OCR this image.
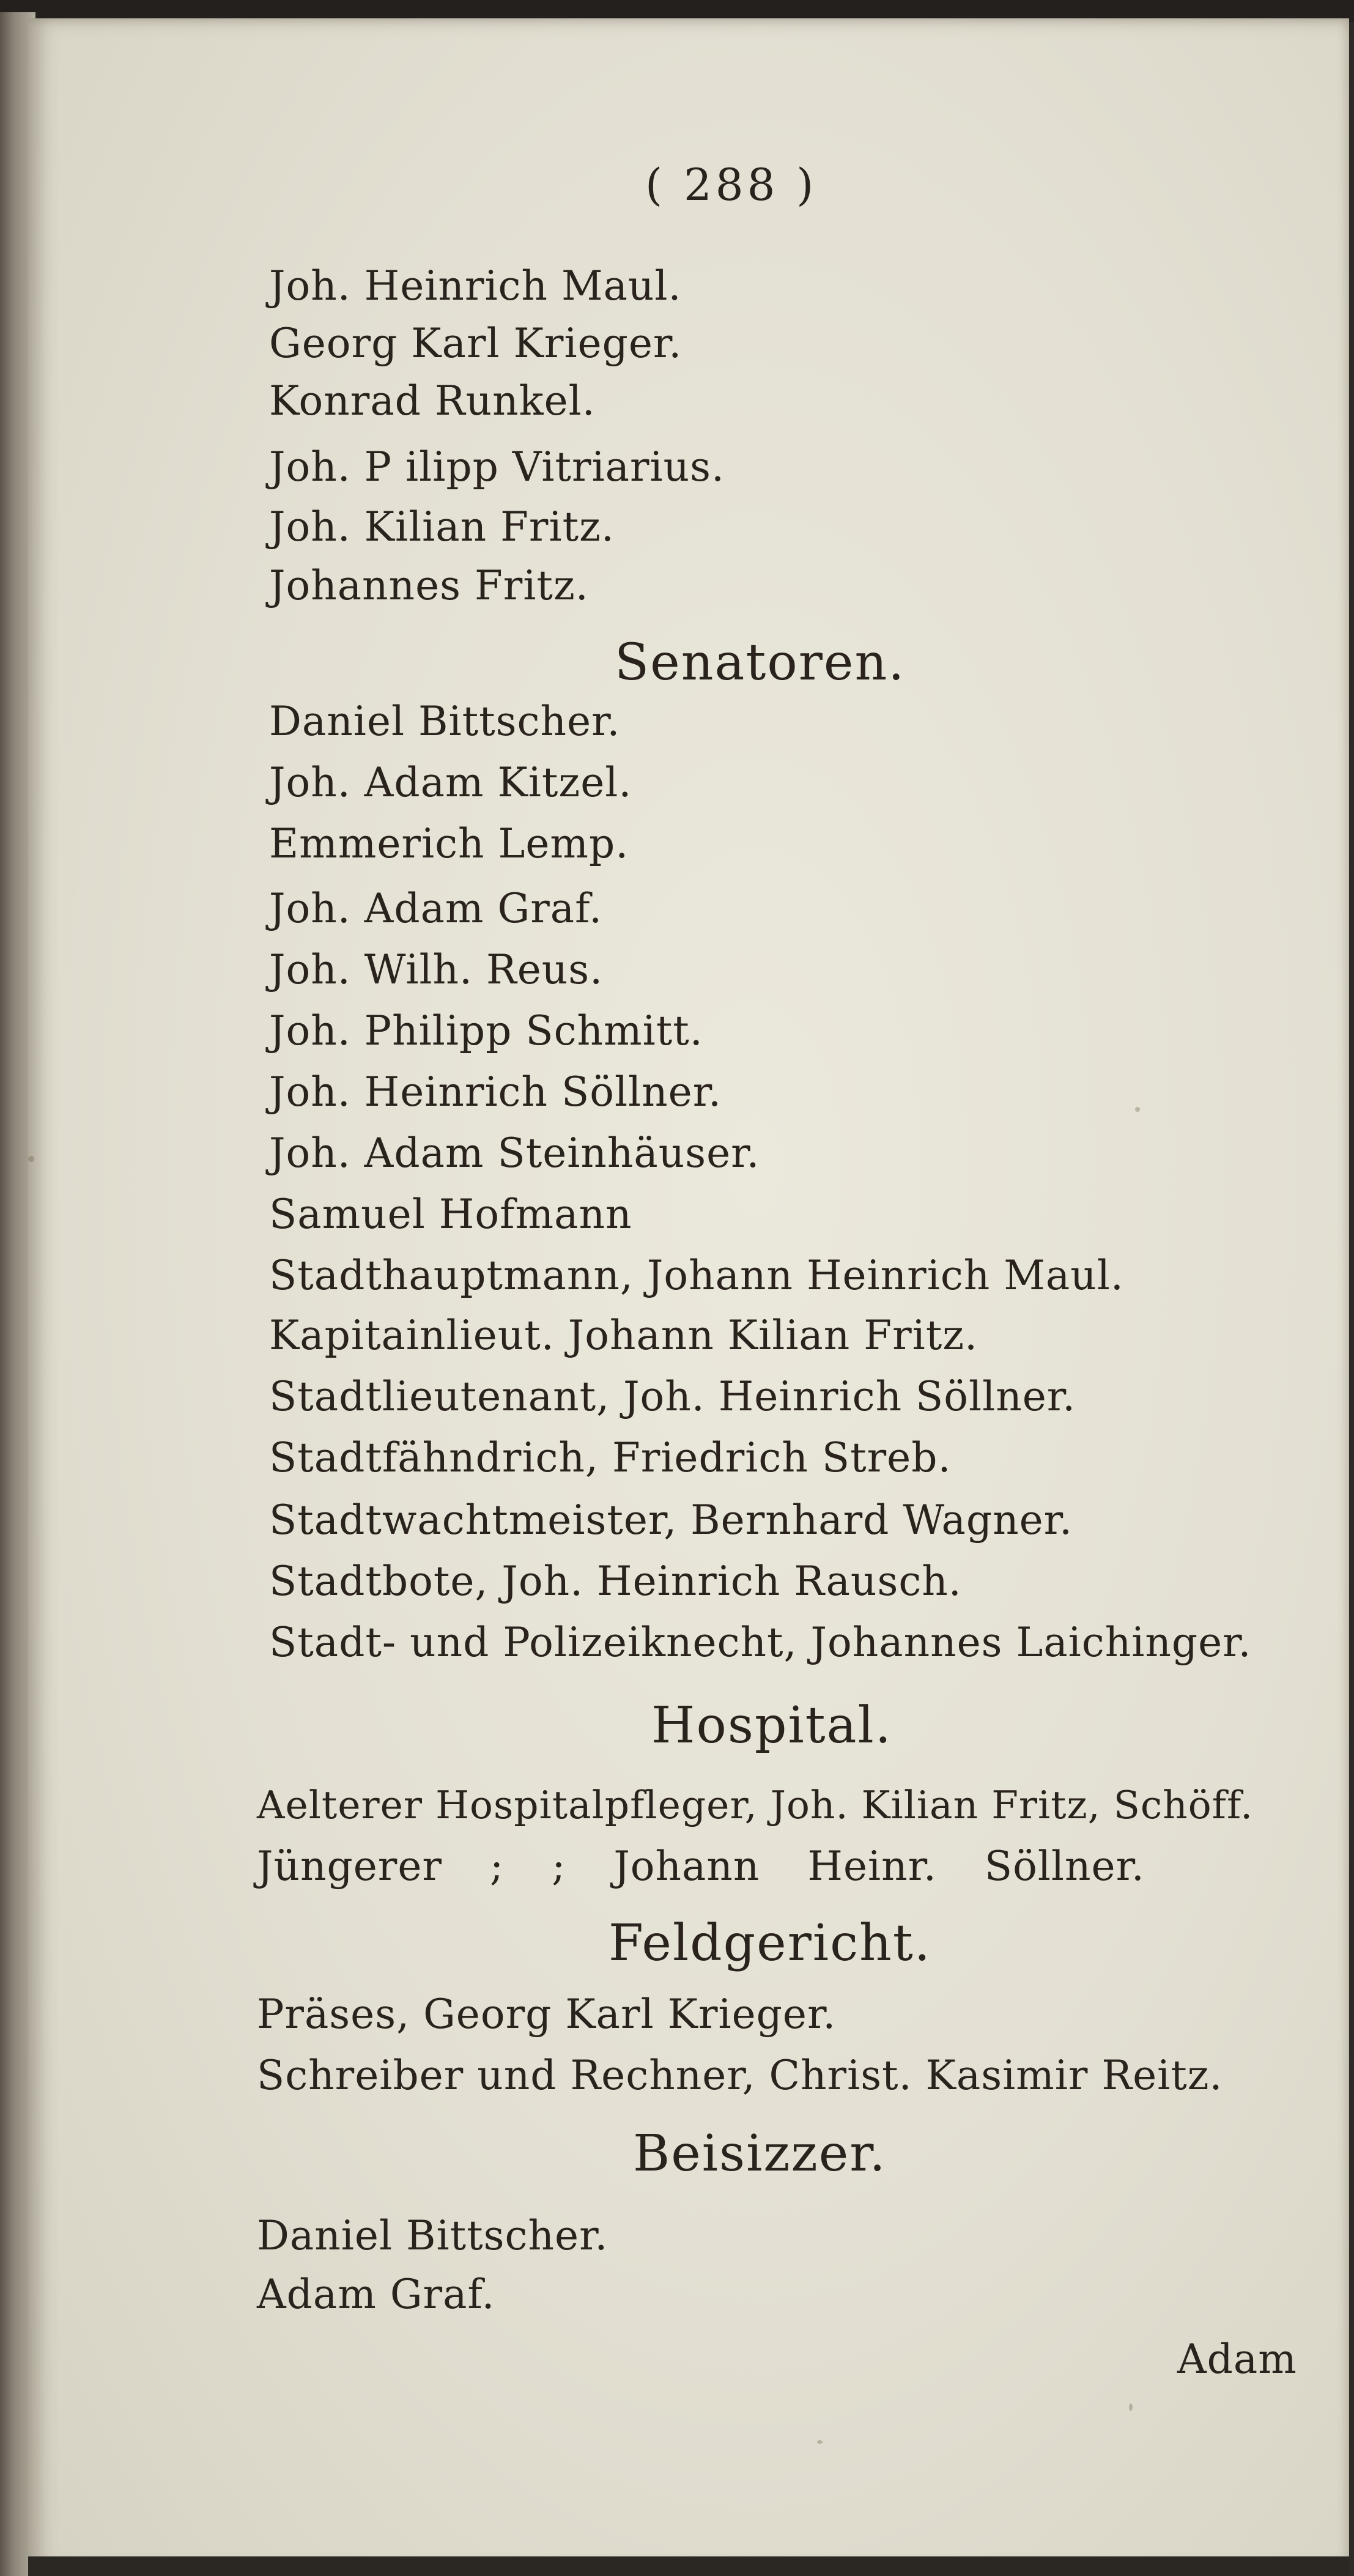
( 288 )

Joh. Heinrich Maul.

Georg Karl Krieger.

Konrad Runkel.

Joh. P ilipp Vitriarius.

Joh. Kilian Fritz.

Johannes Fritz.

Senatoren.

Daniel Bittscher.

Joh. Adam Kitzel.

Emmerich Lemp.

Joh. Adam Graf.

Joh. Wilh. Reus.

Joh. Philipp Schmitt.

Joh. Heinrich Söllner.

Joh. Adam Steinhäuser.

Samuel Hofmann

Stadthauptmann, Johann Heinrich Maul.

Kapitainlieut. Johann Kilian Fritz.

Stadtlieutenant, Joh. Heinrich Söllner.

Stadtfähndrich, Friedrich Streb.

Stadtwachtmeister, Bernhard Wagner.

Stadtbote, Joh. Heinrich Rausch.

Stadt- und Polizeiknecht, Johannes Laichinger.

Hospital.

Aelterer Hospitalpfleger, Joh. Kilian Fritz, Schöff.

Jüngerer ; ; Johann Heinr. Söllner.

Feldgericht.

Präses, Georg Karl Krieger.

Schreiber und Rechner, Christ. Kasimir Reitz.

Beisizzer.

Daniel Bittscher.

Adam Graf.

Adam
